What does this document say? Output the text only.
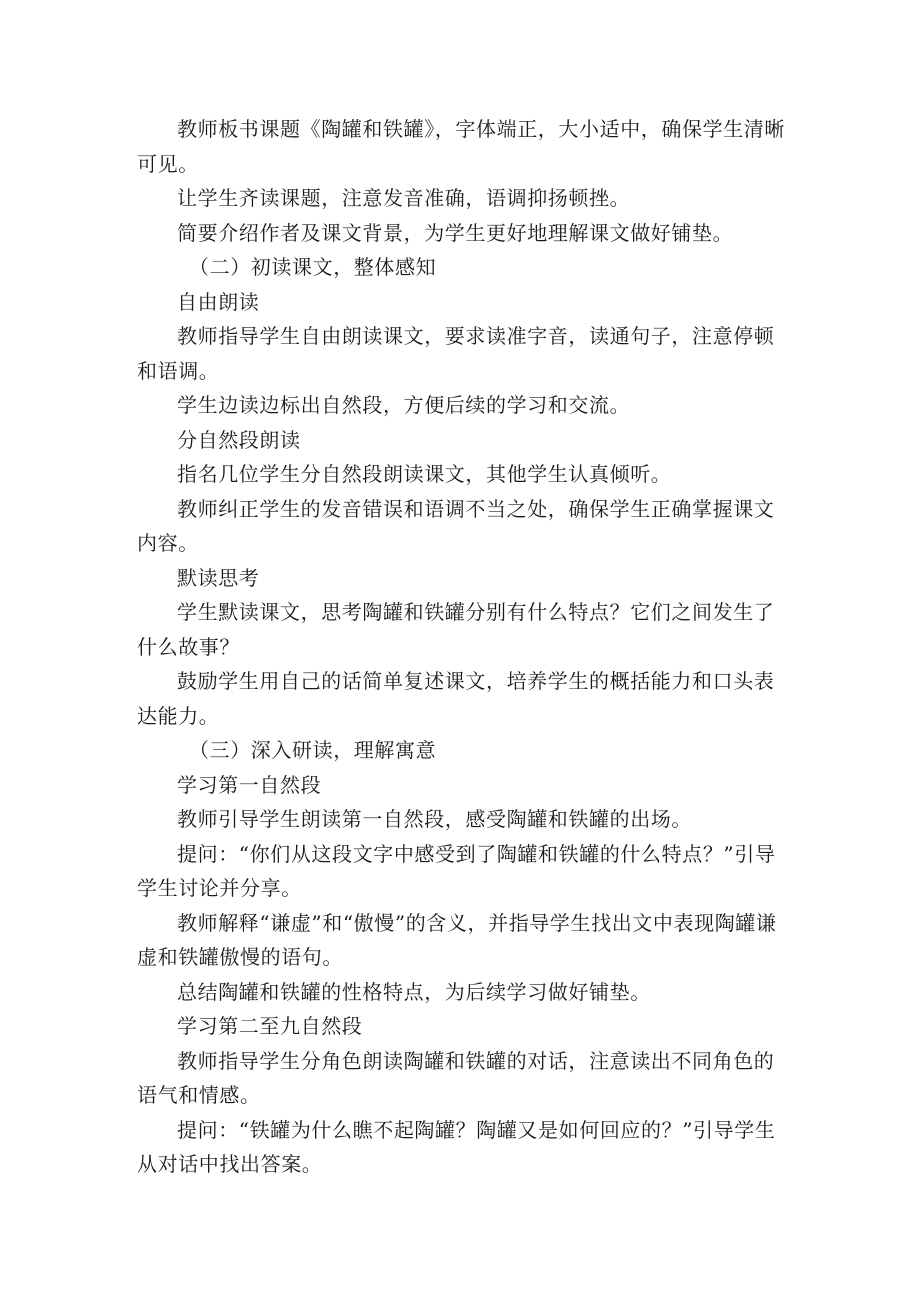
教师板书课题《陶罐和铁罐》，字体端正，大小适中，确保学生清晰可见。

让学生齐读课题，注意发音准确，语调抑扬顿挫。

简要介绍作者及课文背景，为学生更好地理解课文做好铺垫。

（二）初读课文，整体感知

自由朗读

教师指导学生自由朗读课文，要求读准字音，读通句子，注意停顿和语调。

学生边读边标出自然段，方便后续的学习和交流。

分自然段朗读

指名几位学生分自然段朗读课文，其他学生认真倾听。

教师纠正学生的发音错误和语调不当之处，确保学生正确掌握课文内容。

默读思考

学生默读课文，思考陶罐和铁罐分别有什么特点？它们之间发生了什么故事？

鼓励学生用自己的话简单复述课文，培养学生的概括能力和口头表达能力。

（三）深入研读，理解寓意

学习第一自然段

教师引导学生朗读第一自然段，感受陶罐和铁罐的出场。

提问：“你们从这段文字中感受到了陶罐和铁罐的什么特点？”引导学生讨论并分享。

教师解释“谦虚”和“傲慢”的含义，并指导学生找出文中表现陶罐谦虚和铁罐傲慢的语句。

总结陶罐和铁罐的性格特点，为后续学习做好铺垫。

学习第二至九自然段

教师指导学生分角色朗读陶罐和铁罐的对话，注意读出不同角色的语气和情感。

提问：“铁罐为什么瞧不起陶罐？陶罐又是如何回应的？”引导学生从对话中找出答案。
